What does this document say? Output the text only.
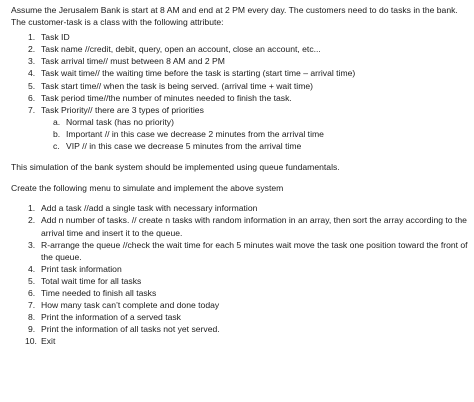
Assume the Jerusalem Bank is start at 8 AM and end at 2 PM every day. The customers need to do tasks in the bank. The customer-task is a class with the following attribute:

1. Task ID
2. Task name //credit, debit, query, open an account, close an account, etc...
3. Task arrival time// must between 8 AM and 2 PM
4. Task wait time// the waiting time before the task is starting (start time – arrival time)
5. Task start time// when the task is being served. (arrival time + wait time)
6. Task period time//the number of minutes needed to finish the task.
7. Task Priority// there are 3 types of priorities
a. Normal task (has no priority)
b. Important // in this case we decrease 2 minutes from the arrival time
c. VIP // in this case we decrease 5 minutes from the arrival time

This simulation of the bank system should be implemented using queue fundamentals.

Create the following menu to simulate and implement the above system

1. Add a task //add a single task with necessary information
2. Add n number of tasks. // create n tasks with random information in an array, then sort the array according to the arrival time and insert it to the queue.
3. R-arrange the queue //check the wait time for each 5 minutes wait move the task one position toward the front of the queue.
4. Print task information
5. Total wait time for all tasks
6. Time needed to finish all tasks
7. How many task can’t complete and done today
8. Print the information of a served task
9. Print the information of all tasks not yet served.
10. Exit
